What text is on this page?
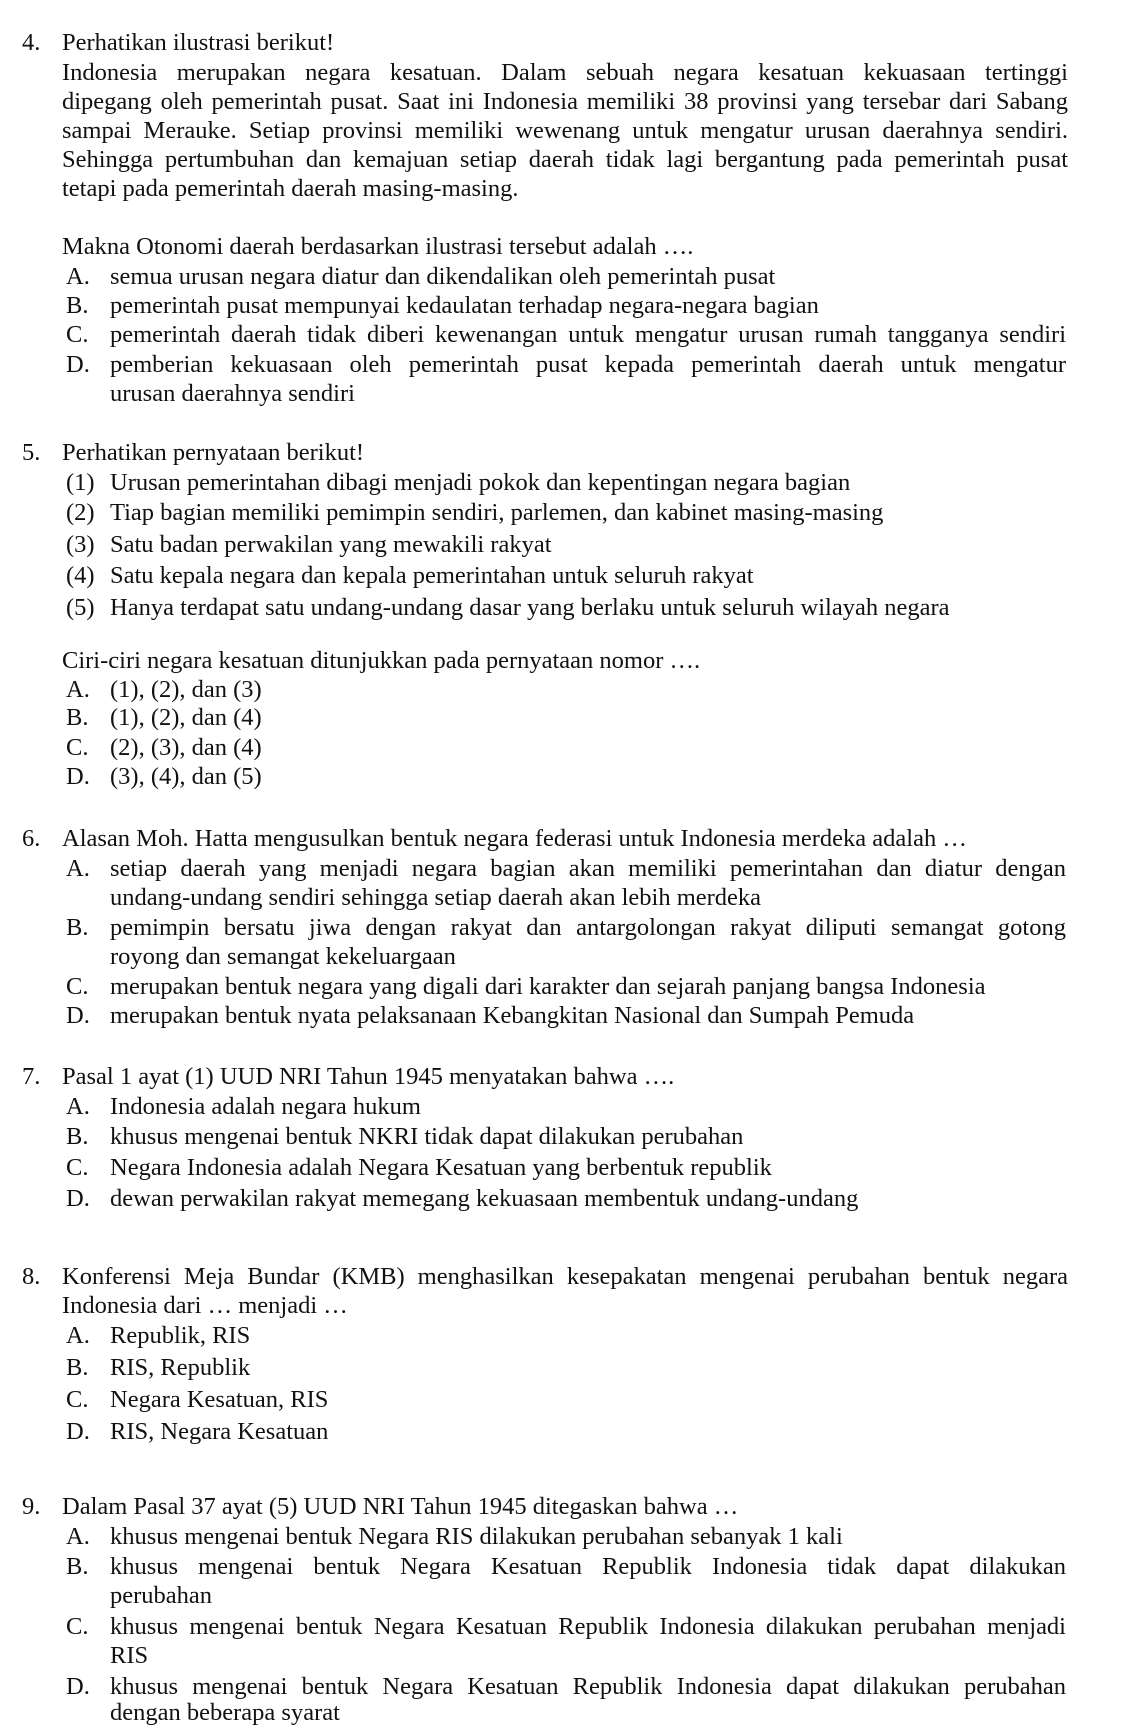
4. Perhatikan ilustrasi berikut!
Indonesia merupakan negara kesatuan. Dalam sebuah negara kesatuan kekuasaan tertinggi
dipegang oleh pemerintah pusat. Saat ini Indonesia memiliki 38 provinsi yang tersebar dari Sabang
sampai Merauke. Setiap provinsi memiliki wewenang untuk mengatur urusan daerahnya sendiri.
Sehingga pertumbuhan dan kemajuan setiap daerah tidak lagi bergantung pada pemerintah pusat
tetapi pada pemerintah daerah masing-masing.
Makna Otonomi daerah berdasarkan ilustrasi tersebut adalah ….
A. semua urusan negara diatur dan dikendalikan oleh pemerintah pusat
B. pemerintah pusat mempunyai kedaulatan terhadap negara-negara bagian
C. pemerintah daerah tidak diberi kewenangan untuk mengatur urusan rumah tangganya sendiri
D. pemberian kekuasaan oleh pemerintah pusat kepada pemerintah daerah untuk mengatur
urusan daerahnya sendiri
5. Perhatikan pernyataan berikut!
(1) Urusan pemerintahan dibagi menjadi pokok dan kepentingan negara bagian
(2) Tiap bagian memiliki pemimpin sendiri, parlemen, dan kabinet masing-masing
(3) Satu badan perwakilan yang mewakili rakyat
(4) Satu kepala negara dan kepala pemerintahan untuk seluruh rakyat
(5) Hanya terdapat satu undang-undang dasar yang berlaku untuk seluruh wilayah negara
Ciri-ciri negara kesatuan ditunjukkan pada pernyataan nomor ….
A. (1), (2), dan (3)
B. (1), (2), dan (4)
C. (2), (3), dan (4)
D. (3), (4), dan (5)
6. Alasan Moh. Hatta mengusulkan bentuk negara federasi untuk Indonesia merdeka adalah …
A. setiap daerah yang menjadi negara bagian akan memiliki pemerintahan dan diatur dengan
undang-undang sendiri sehingga setiap daerah akan lebih merdeka
B. pemimpin bersatu jiwa dengan rakyat dan antargolongan rakyat diliputi semangat gotong
royong dan semangat kekeluargaan
C. merupakan bentuk negara yang digali dari karakter dan sejarah panjang bangsa Indonesia
D. merupakan bentuk nyata pelaksanaan Kebangkitan Nasional dan Sumpah Pemuda
7. Pasal 1 ayat (1) UUD NRI Tahun 1945 menyatakan bahwa ….
A. Indonesia adalah negara hukum
B. khusus mengenai bentuk NKRI tidak dapat dilakukan perubahan
C. Negara Indonesia adalah Negara Kesatuan yang berbentuk republik
D. dewan perwakilan rakyat memegang kekuasaan membentuk undang-undang
8. Konferensi Meja Bundar (KMB) menghasilkan kesepakatan mengenai perubahan bentuk negara
Indonesia dari … menjadi …
A. Republik, RIS
B. RIS, Republik
C. Negara Kesatuan, RIS
D. RIS, Negara Kesatuan
9. Dalam Pasal 37 ayat (5) UUD NRI Tahun 1945 ditegaskan bahwa …
A. khusus mengenai bentuk Negara RIS dilakukan perubahan sebanyak 1 kali
B. khusus mengenai bentuk Negara Kesatuan Republik Indonesia tidak dapat dilakukan
perubahan
C. khusus mengenai bentuk Negara Kesatuan Republik Indonesia dilakukan perubahan menjadi
RIS
D. khusus mengenai bentuk Negara Kesatuan Republik Indonesia dapat dilakukan perubahan
dengan beberapa syarat
